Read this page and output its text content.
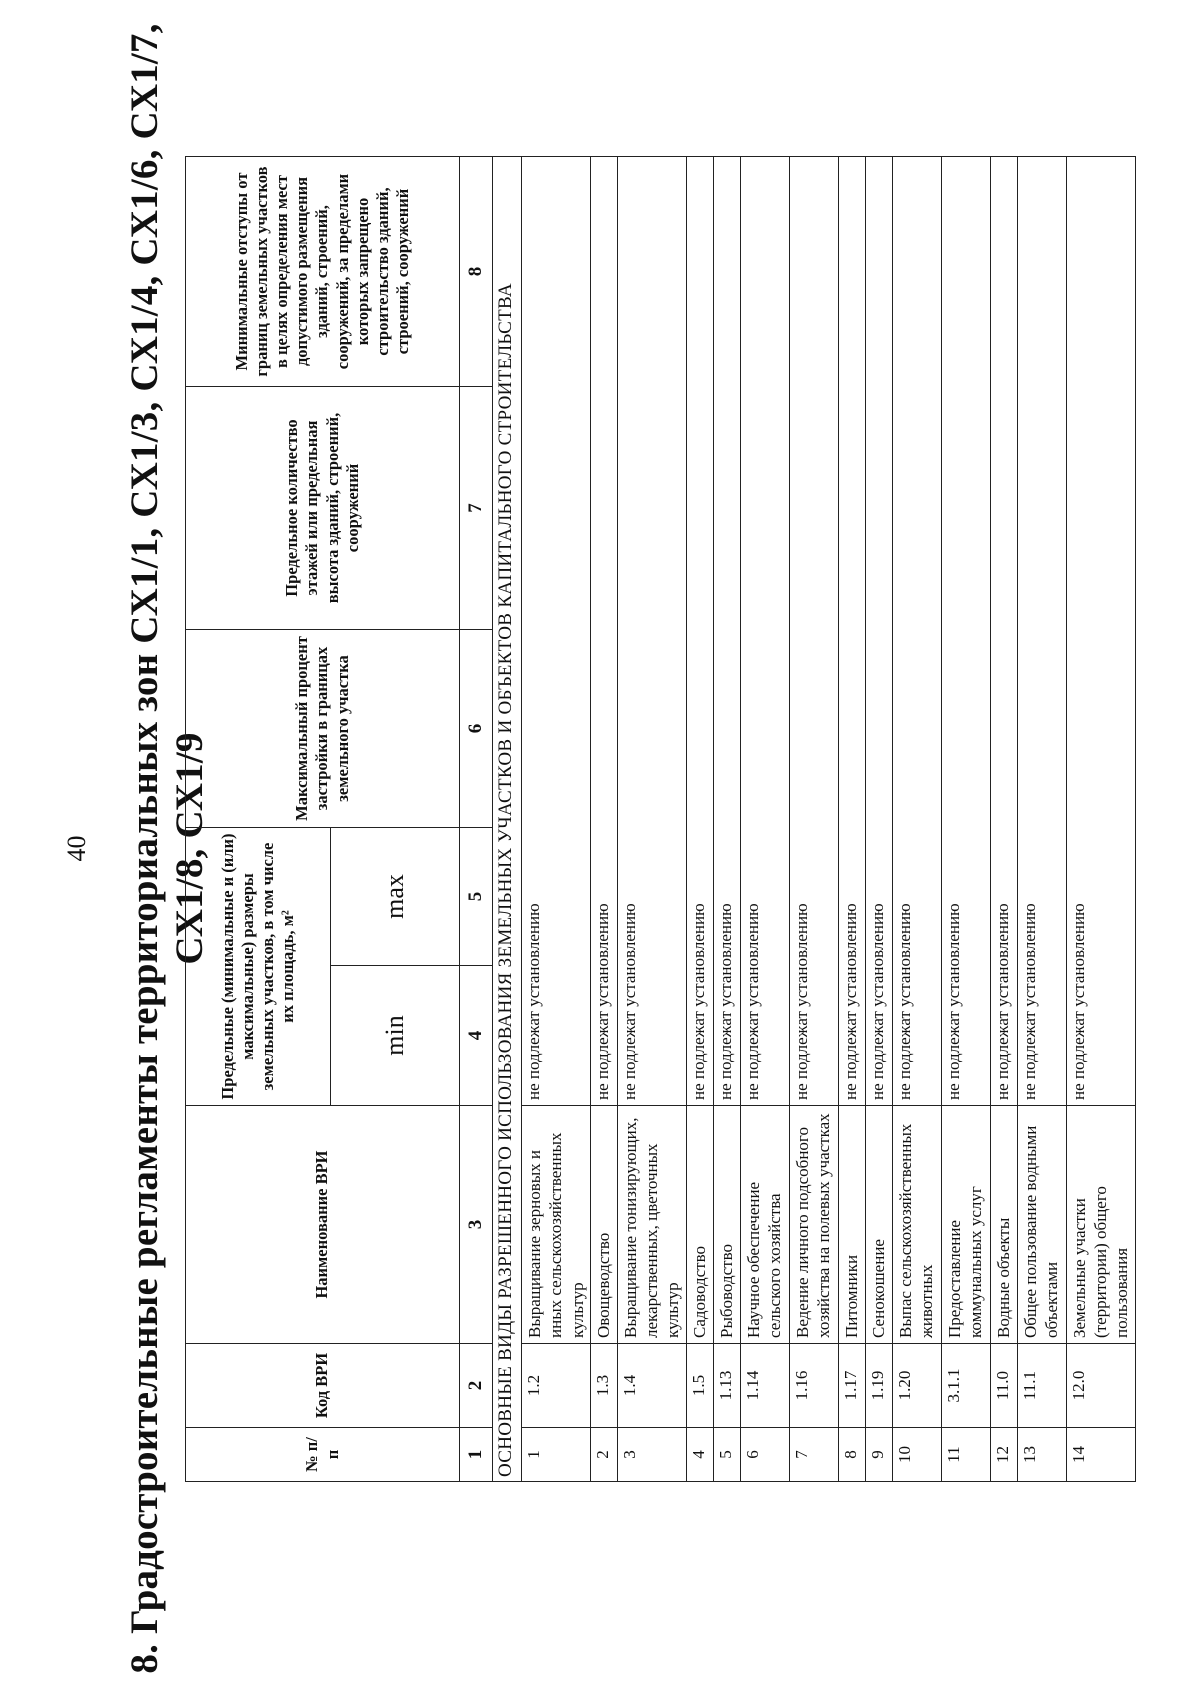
40 8. Градостроительные регламенты территориальных зон СХ1/1, СХ1/3, СХ1/4, СХ1/6, СХ1/7, СХ1/8, СХ1/9
№ п/п	Код ВРИ	Наименование ВРИ	Предельные (минимальные и (или) максимальные) размеры земельных участков, в том числе их площадь, м²		Максимальный процент застройки в границах земельного участка	Предельное количество этажей или предельная высота зданий, строений, сооружений	Минимальные отступы от границ земельных участков в целях определения мест допустимого размещения зданий, строений, сооружений, за пределами которых запрещено строительство зданий, строений, сооружений
			min	max			
1	2	3	4	5	6	7	8
ОСНОВНЫЕ ВИДЫ РАЗРЕШЕННОГО ИСПОЛЬЗОВАНИЯ ЗЕМЕЛЬНЫХ УЧАСТКОВ И ОБЪЕКТОВ КАПИТАЛЬНОГО СТРОИТЕЛЬСТВА							
1	1.2	Выращивание зерновых и иных сельскохозяйственных культур	не подлежат установлению				
2	1.3	Овощеводство	не подлежат установлению				
3	1.4	Выращивание тонизирующих, лекарственных, цветочных культур	не подлежат установлению				
4	1.5	Садоводство	не подлежат установлению				
5	1.13	Рыбоводство	не подлежат установлению				
6	1.14	Научное обеспечение сельского хозяйства	не подлежат установлению				
7	1.16	Ведение личного подсобного хозяйства на полевых участках	не подлежат установлению				
8	1.17	Питомники	не подлежат установлению				
9	1.19	Сенокошение	не подлежат установлению				
10	1.20	Выпас сельскохозяйственных животных	не подлежат установлению				
11	3.1.1	Предоставление коммунальных услуг	не подлежат установлению				
12	11.0	Водные объекты	не подлежат установлению				
13	11.1	Общее пользование водными объектами	не подлежат установлению				
14	12.0	Земельные участки (территории) общего пользования	не подлежат установлению				
